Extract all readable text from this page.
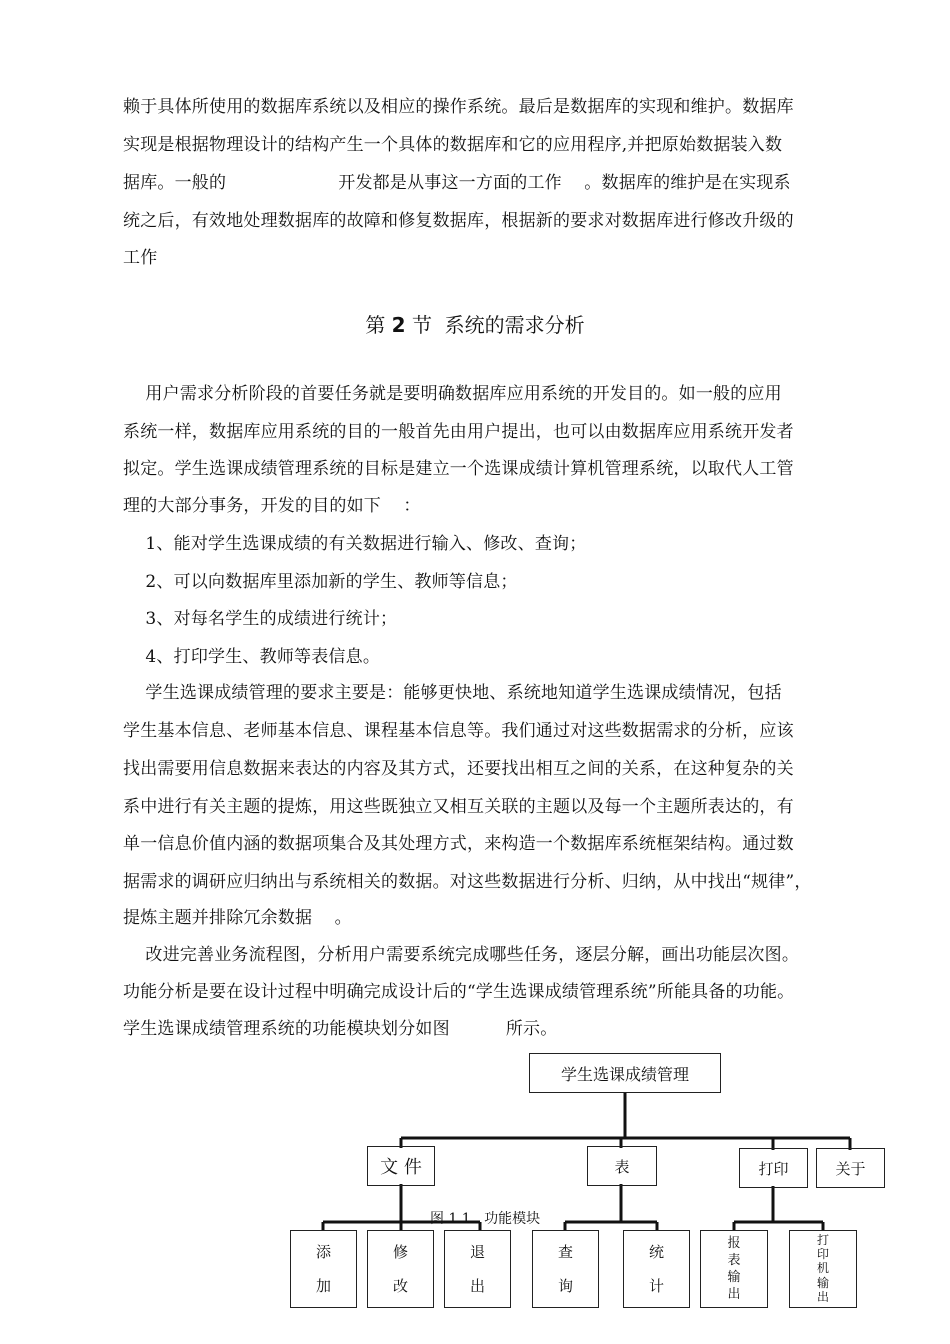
赖于具体所使用的数据库系统以及相应的操作系统。最后是数据库的实现和维护。数据库
实现是根据物理设计的结构产生一个具体的数据库和它的应用程序,并把原始数据装入数
据库。一般的                    开发都是从事这一方面的工作    。数据库的维护是在实现系
统之后，有效地处理数据库的故障和修复数据库，根据新的要求对数据库进行修改升级的
工作
第 2 节  系统的需求分析
用户需求分析阶段的首要任务就是要明确数据库应用系统的开发目的。如一般的应用
系统一样，数据库应用系统的目的一般首先由用户提出，也可以由数据库应用系统开发者
拟定。学生选课成绩管理系统的目标是建立一个选课成绩计算机管理系统，以取代人工管
理的大部分事务，开发的目的如下    ：
1、能对学生选课成绩的有关数据进行输入、修改、查询；
2、可以向数据库里添加新的学生、教师等信息；
3、对每名学生的成绩进行统计；
4、打印学生、教师等表信息。
学生选课成绩管理的要求主要是：能够更快地、系统地知道学生选课成绩情况，包括
学生基本信息、老师基本信息、课程基本信息等。我们通过对这些数据需求的分析，应该
找出需要用信息数据来表达的内容及其方式，还要找出相互之间的关系，在这种复杂的关
系中进行有关主题的提炼，用这些既独立又相互关联的主题以及每一个主题所表达的，有
单一信息价值内涵的数据项集合及其处理方式，来构造一个数据库系统框架结构。通过数
据需求的调研应归纳出与系统相关的数据。对这些数据进行分析、归纳，从中找出“规律”，
提炼主题并排除冗余数据    。
改进完善业务流程图，分析用户需要系统完成哪些任务，逐层分解，画出功能层次图。
功能分析是要在设计过程中明确完成设计后的“学生选课成绩管理系统”所能具备的功能。
学生选课成绩管理系统的功能模块划分如图          所示。
学生选课成绩管理
文 件	表	打印	关于
图 1.1   功能模块
添
加
修
改
退
出
查
询
统
计
报
表
输
出
打
印
机
输
出
